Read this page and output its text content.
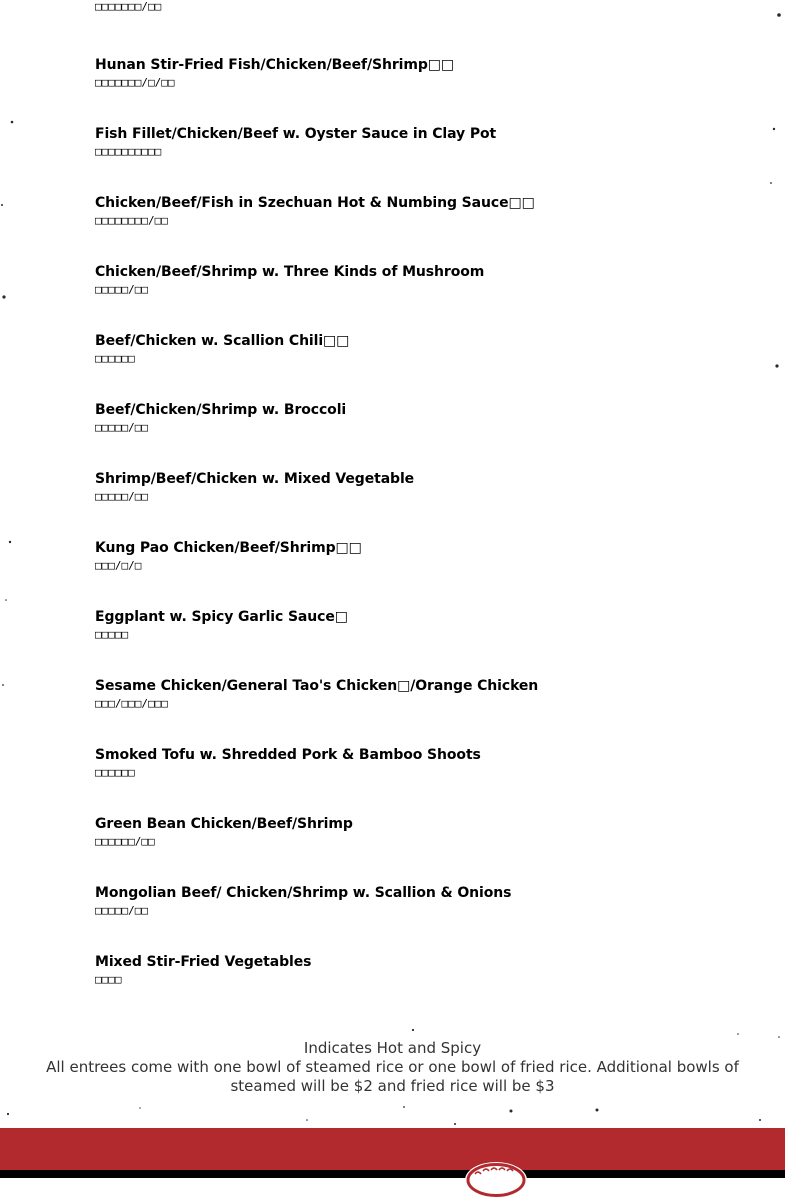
□□□□□□□/□□
Hunan Stir-Fried Fish/Chicken/Beef/Shrimp□□
□□□□□□□/□/□□
Fish Fillet/Chicken/Beef w. Oyster Sauce in Clay Pot
□□□□□□□□□□
Chicken/Beef/Fish in Szechuan Hot & Numbing Sauce□□
□□□□□□□□/□□
Chicken/Beef/Shrimp w. Three Kinds of Mushroom
□□□□□/□□
Beef/Chicken w. Scallion Chili□□
□□□□□□
Beef/Chicken/Shrimp w. Broccoli
□□□□□/□□
Shrimp/Beef/Chicken w. Mixed Vegetable
□□□□□/□□
Kung Pao Chicken/Beef/Shrimp□□
□□□/□/□
Eggplant w. Spicy Garlic Sauce□
□□□□□
Sesame Chicken/General Tao's Chicken□/Orange Chicken
□□□/□□□/□□□
Smoked Tofu w. Shredded Pork & Bamboo Shoots
□□□□□□
Green Bean Chicken/Beef/Shrimp
□□□□□□/□□
Mongolian Beef/ Chicken/Shrimp w. Scallion & Onions
□□□□□/□□
Mixed Stir-Fried Vegetables
□□□□

Indicates Hot and Spicy

All entrees come with one bowl of steamed rice or one bowl of fried rice. Additional bowls of steamed will be $2 and fried rice will be $3
